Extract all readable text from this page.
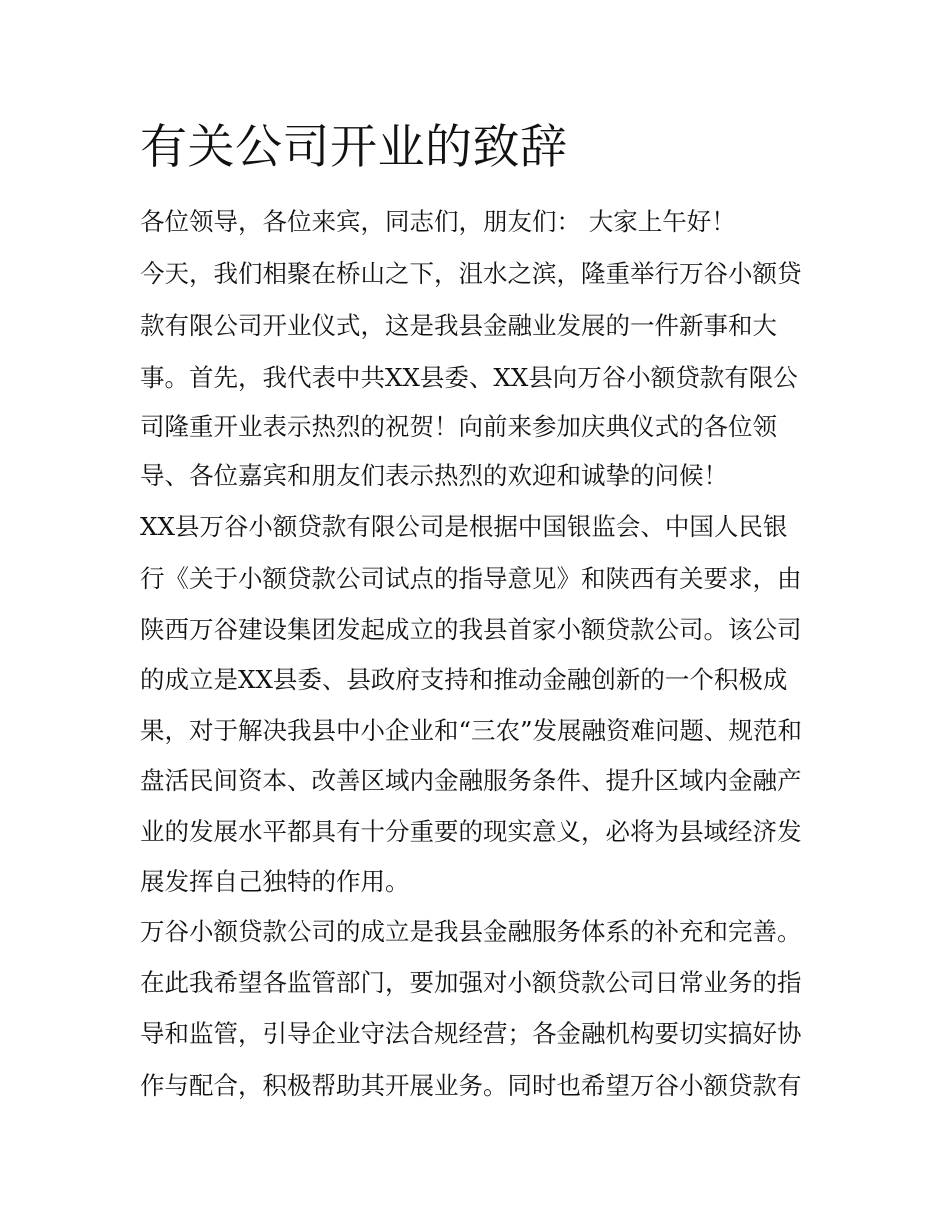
有关公司开业的致辞

各位领导，各位来宾，同志们，朋友们： 大家上午好！

今天，我们相聚在桥山之下，沮水之滨，隆重举行万谷小额贷

款有限公司开业仪式，这是我县金融业发展的一件新事和大

事。首先，我代表中共XX县委、XX县向万谷小额贷款有限公

司隆重开业表示热烈的祝贺！向前来参加庆典仪式的各位领

导、各位嘉宾和朋友们表示热烈的欢迎和诚挚的问候！

XX县万谷小额贷款有限公司是根据中国银监会、中国人民银

行《关于小额贷款公司试点的指导意见》和陕西有关要求，由

陕西万谷建设集团发起成立的我县首家小额贷款公司。该公司

的成立是XX县委、县政府支持和推动金融创新的一个积极成

果，对于解决我县中小企业和“三农”发展融资难问题、规范和

盘活民间资本、改善区域内金融服务条件、提升区域内金融产

业的发展水平都具有十分重要的现实意义，必将为县域经济发

展发挥自己独特的作用。

万谷小额贷款公司的成立是我县金融服务体系的补充和完善。

在此我希望各监管部门，要加强对小额贷款公司日常业务的指

导和监管，引导企业守法合规经营；各金融机构要切实搞好协

作与配合，积极帮助其开展业务。同时也希望万谷小额贷款有
